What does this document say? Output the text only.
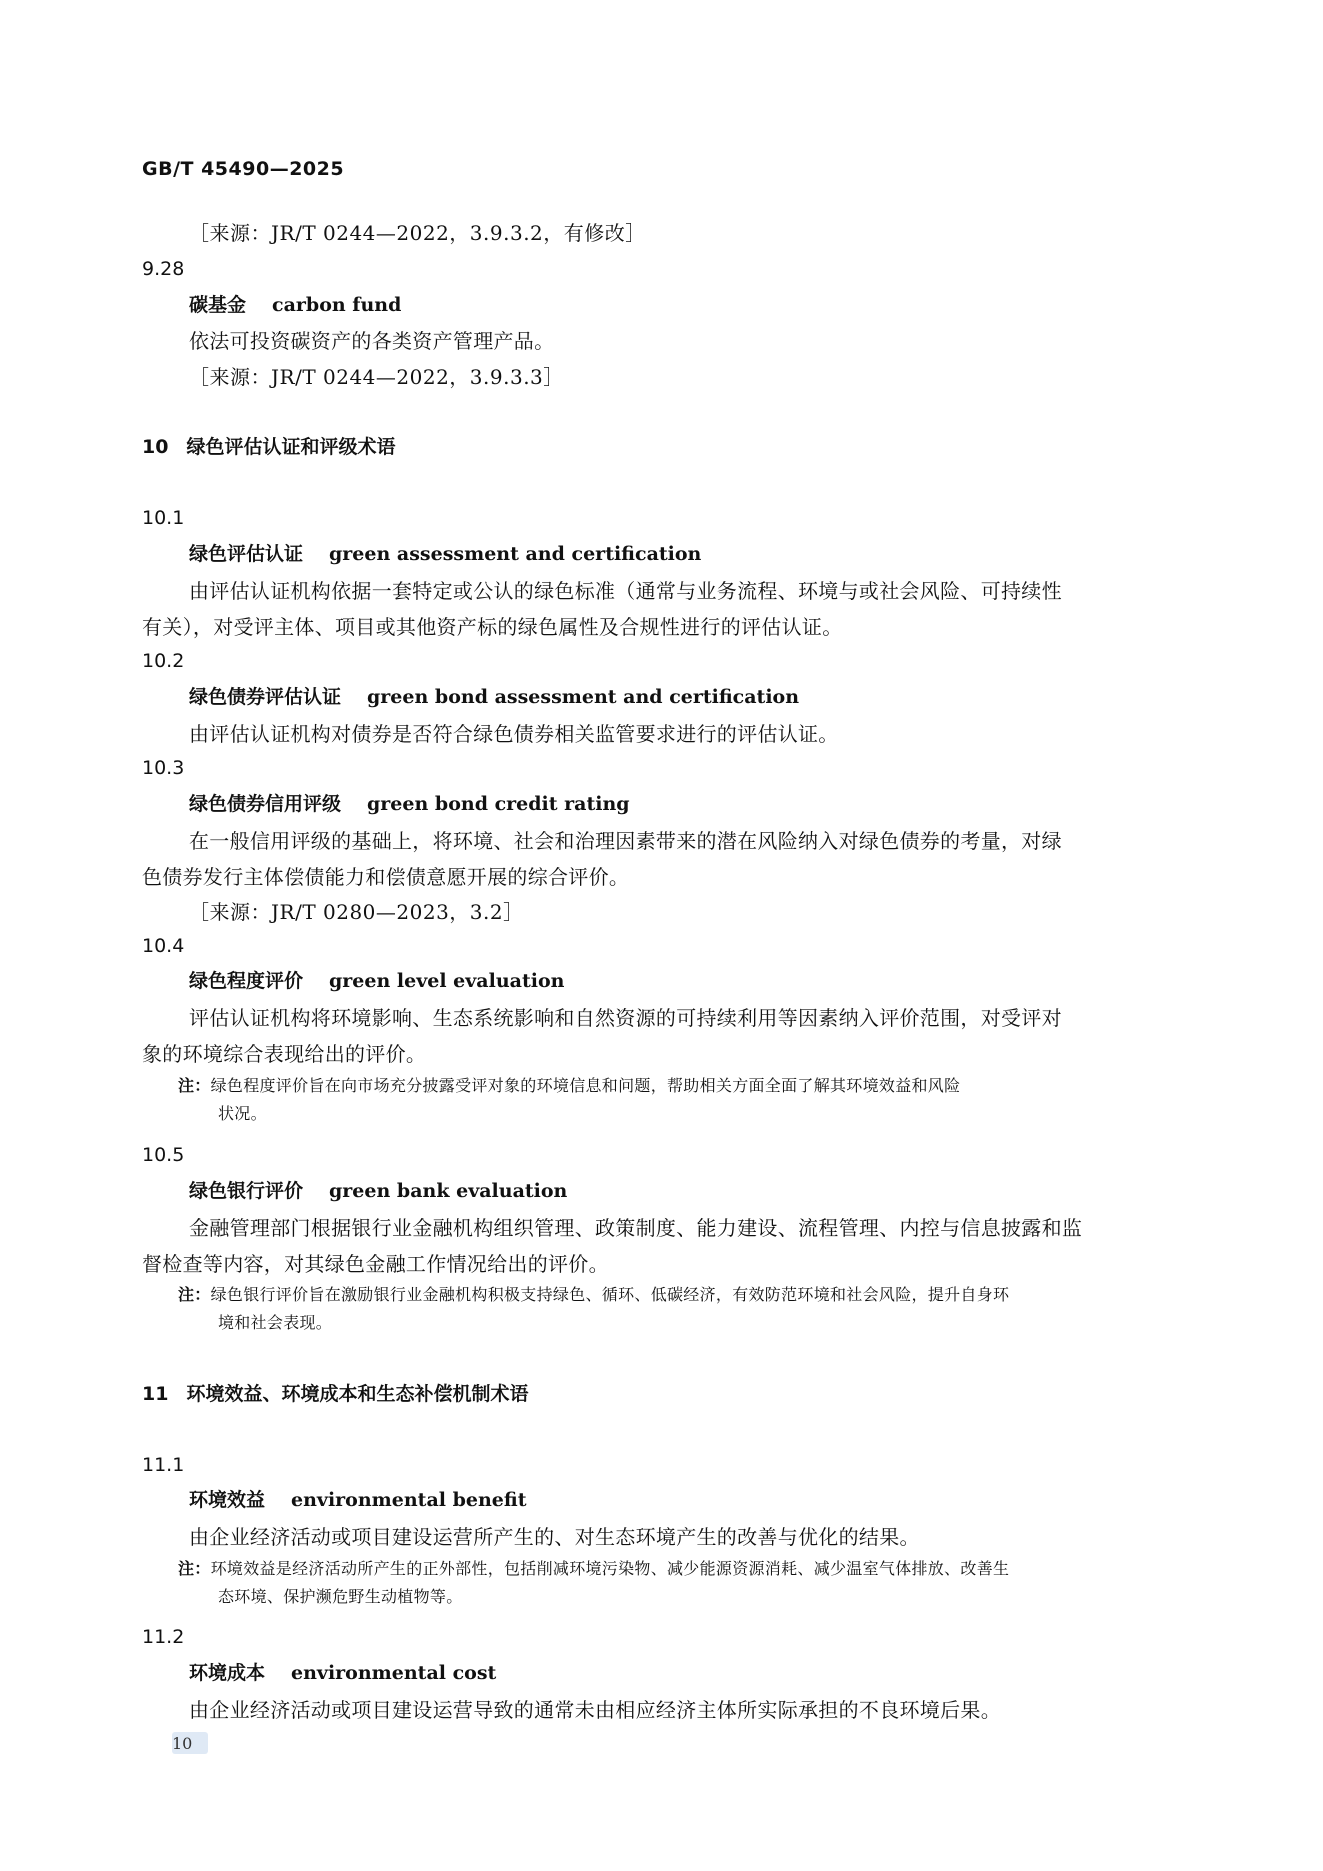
GB/T 45490—2025
［来源：JR/T 0244—2022，3.9.3.2，有修改］
9.28
碳基金 carbon fund
依法可投资碳资产的各类资产管理产品。
［来源：JR/T 0244—2022，3.9.3.3］
10 绿色评估认证和评级术语
10.1
绿色评估认证 green assessment and certification
由评估认证机构依据一套特定或公认的绿色标准（通常与业务流程、环境与或社会风险、可持续性
有关），对受评主体、项目或其他资产标的绿色属性及合规性进行的评估认证。
10.2
绿色债券评估认证 green bond assessment and certification
由评估认证机构对债券是否符合绿色债券相关监管要求进行的评估认证。
10.3
绿色债券信用评级 green bond credit rating
在一般信用评级的基础上，将环境、社会和治理因素带来的潜在风险纳入对绿色债券的考量，对绿
色债券发行主体偿债能力和偿债意愿开展的综合评价。
［来源：JR/T 0280—2023，3.2］
10.4
绿色程度评价 green level evaluation
评估认证机构将环境影响、生态系统影响和自然资源的可持续利用等因素纳入评价范围，对受评对
象的环境综合表现给出的评价。
注：绿色程度评价旨在向市场充分披露受评对象的环境信息和问题，帮助相关方面全面了解其环境效益和风险
状况。
10.5
绿色银行评价 green bank evaluation
金融管理部门根据银行业金融机构组织管理、政策制度、能力建设、流程管理、内控与信息披露和监
督检查等内容，对其绿色金融工作情况给出的评价。
注：绿色银行评价旨在激励银行业金融机构积极支持绿色、循环、低碳经济，有效防范环境和社会风险，提升自身环
境和社会表现。
11 环境效益、环境成本和生态补偿机制术语
11.1
环境效益 environmental benefit
由企业经济活动或项目建设运营所产生的、对生态环境产生的改善与优化的结果。
注：环境效益是经济活动所产生的正外部性，包括削减环境污染物、减少能源资源消耗、减少温室气体排放、改善生
态环境、保护濒危野生动植物等。
11.2
环境成本 environmental cost
由企业经济活动或项目建设运营导致的通常未由相应经济主体所实际承担的不良环境后果。
10
